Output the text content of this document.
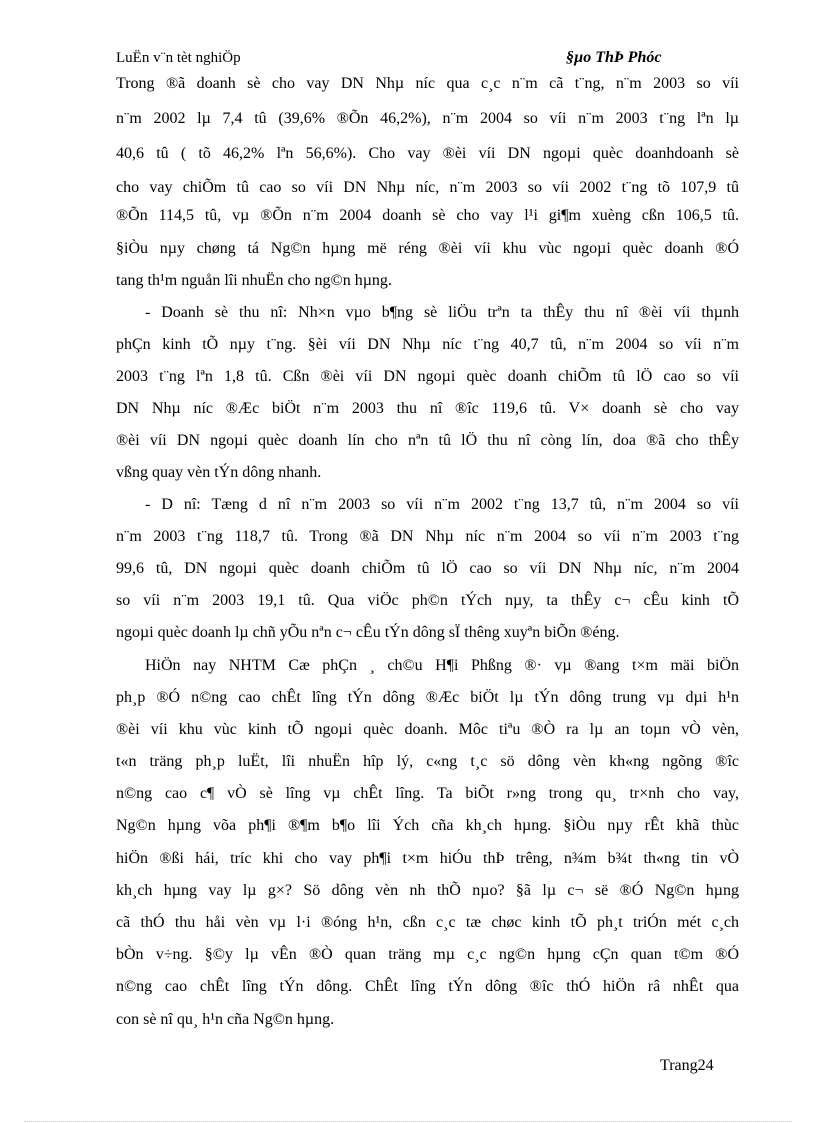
LuËn v¨n tèt nghiÖp	§µo ThÞ Phóc
Trong ®ã doanh sè cho vay DN Nhµ níc qua c¸c n¨m cã t¨ng, n¨m 2003 so víi
n¨m 2002 lµ 7,4 tû (39,6% ®Õn 46,2%), n¨m 2004 so víi n¨m 2003 t¨ng lªn lµ
40,6 tû ( tõ 46,2% lªn 56,6%). Cho vay ®èi víi DN ngoµi quèc doanhdoanh sè
cho vay chiÕm tû cao so víi DN Nhµ níc, n¨m 2003 so víi 2002 t¨ng tõ 107,9 tû
®Õn 114,5 tû, vµ ®Õn n¨m 2004 doanh sè cho vay l¹i gi¶m xuèng cßn 106,5 tû.
§iÒu nµy chøng tá Ng©n hµng më réng ®èi víi khu vùc ngoµi quèc doanh ®Ó
tang th¹m nguån lîi nhuËn cho ng©n hµng.
- Doanh sè thu nî: Nh×n vµo b¶ng sè liÖu trªn ta thÊy thu nî ®èi víi thµnh
phÇn kinh tÕ nµy t¨ng. §èi víi DN Nhµ níc t¨ng 40,7 tû, n¨m 2004 so víi n¨m
2003 t¨ng lªn 1,8 tû. Cßn ®èi víi DN ngoµi quèc doanh chiÕm tû lÖ cao so víi
DN Nhµ níc ®Æc biÖt n¨m 2003 thu nî ®îc 119,6 tû. V× doanh sè cho vay
®èi víi DN ngoµi quèc doanh lín cho nªn tû lÖ thu nî còng lín, doa ®ã cho thÊy
vßng quay vèn tÝn dông nhanh.
- D nî: Tæng d nî n¨m 2003 so víi n¨m 2002 t¨ng 13,7 tû, n¨m 2004 so víi
n¨m 2003 t¨ng 118,7 tû. Trong ®ã DN Nhµ níc n¨m 2004 so víi n¨m 2003 t¨ng
99,6 tû, DN ngoµi quèc doanh chiÕm tû lÖ cao so víi DN Nhµ níc, n¨m 2004
so víi n¨m 2003 19,1 tû. Qua viÖc ph©n tÝch nµy, ta thÊy c¬ cÊu kinh tÕ
ngoµi quèc doanh lµ chñ yÕu nªn c¬ cÊu tÝn dông sÏ thêng xuyªn biÕn ®éng.
HiÖn nay NHTM Cæ phÇn ¸ ch©u H¶i Phßng ®· vµ ®ang t×m mäi biÖn
ph¸p ®Ó n©ng cao chÊt lîng tÝn dông ®Æc biÖt lµ tÝn dông trung vµ dµi h¹n
®èi víi khu vùc kinh tÕ ngoµi quèc doanh. Môc tiªu ®Ò ra lµ an toµn vÒ vèn,
t«n träng ph¸p luËt, lîi nhuËn hîp lý, c«ng t¸c sö dông vèn kh«ng ngõng ®îc
n©ng cao c¶ vÒ sè lîng vµ chÊt lîng. Ta biÕt r»ng trong qu¸ tr×nh cho vay,
Ng©n hµng võa ph¶i ®¶m b¶o lîi Ých cña kh¸ch hµng. §iÒu nµy rÊt khã thùc
hiÖn ®ßi hái, tríc khi cho vay ph¶i t×m hiÓu thÞ trêng, n¾m b¾t th«ng tin vÒ
kh¸ch hµng vay lµ g×? Sö dông vèn nh thÕ nµo? §ã lµ c¬ së ®Ó Ng©n hµng
cã thÓ thu håi vèn vµ l·i ®óng h¹n, cßn c¸c tæ chøc kinh tÕ ph¸t triÓn mét c¸ch
bÒn v÷ng. §©y lµ vÊn ®Ò quan träng mµ c¸c ng©n hµng cÇn quan t©m ®Ó
n©ng cao chÊt lîng tÝn dông. ChÊt lîng tÝn dông ®îc thÓ hiÖn râ nhÊt qua
con sè nî qu¸ h¹n cña Ng©n hµng.
Trang24
